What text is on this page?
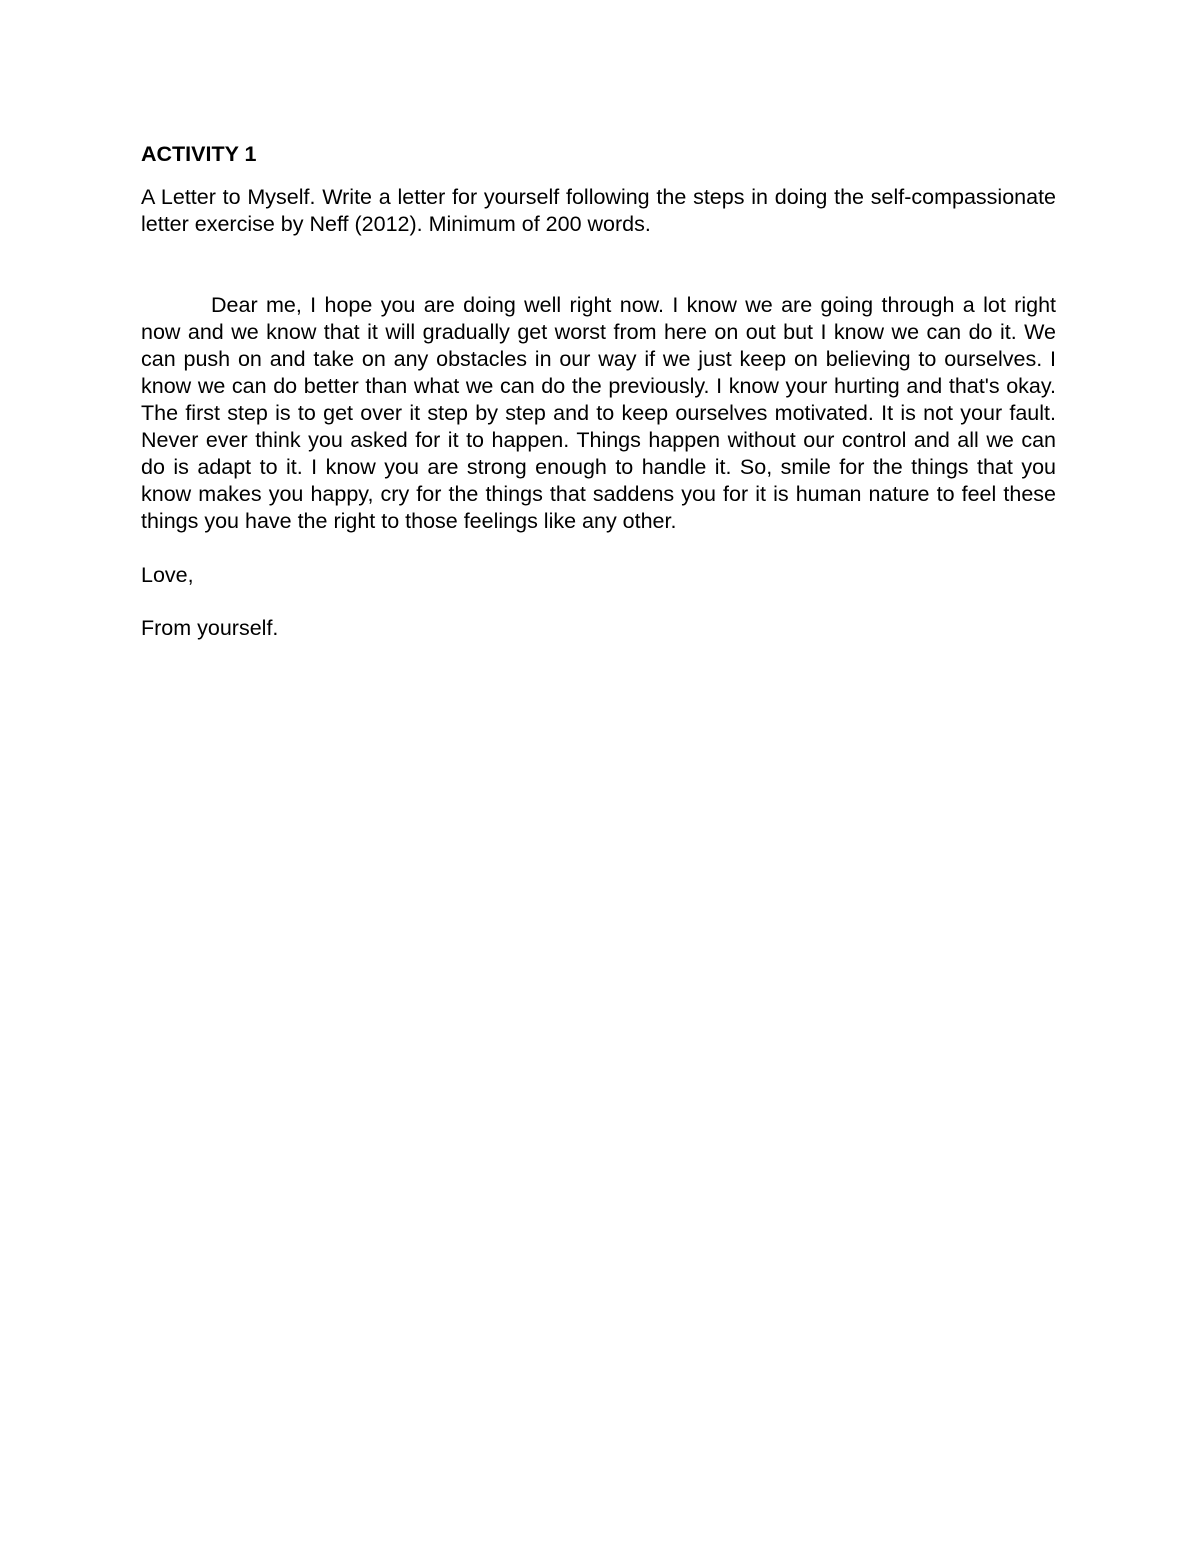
ACTIVITY 1

A Letter to Myself. Write a letter for yourself following the steps in doing the self-compassionate letter exercise by Neff (2012). Minimum of 200 words.

Dear me, I hope you are doing well right now. I know we are going through a lot right now and we know that it will gradually get worst from here on out but I know we can do it. We can push on and take on any obstacles in our way if we just keep on believing to ourselves. I know we can do better than what we can do the previously. I know your hurting and that's okay. The first step is to get over it step by step and to keep ourselves motivated. It is not your fault. Never ever think you asked for it to happen. Things happen without our control and all we can do is adapt to it. I know you are strong enough to handle it. So, smile for the things that you know makes you happy, cry for the things that saddens you for it is human nature to feel these things you have the right to those feelings like any other.

Love,

From yourself.
